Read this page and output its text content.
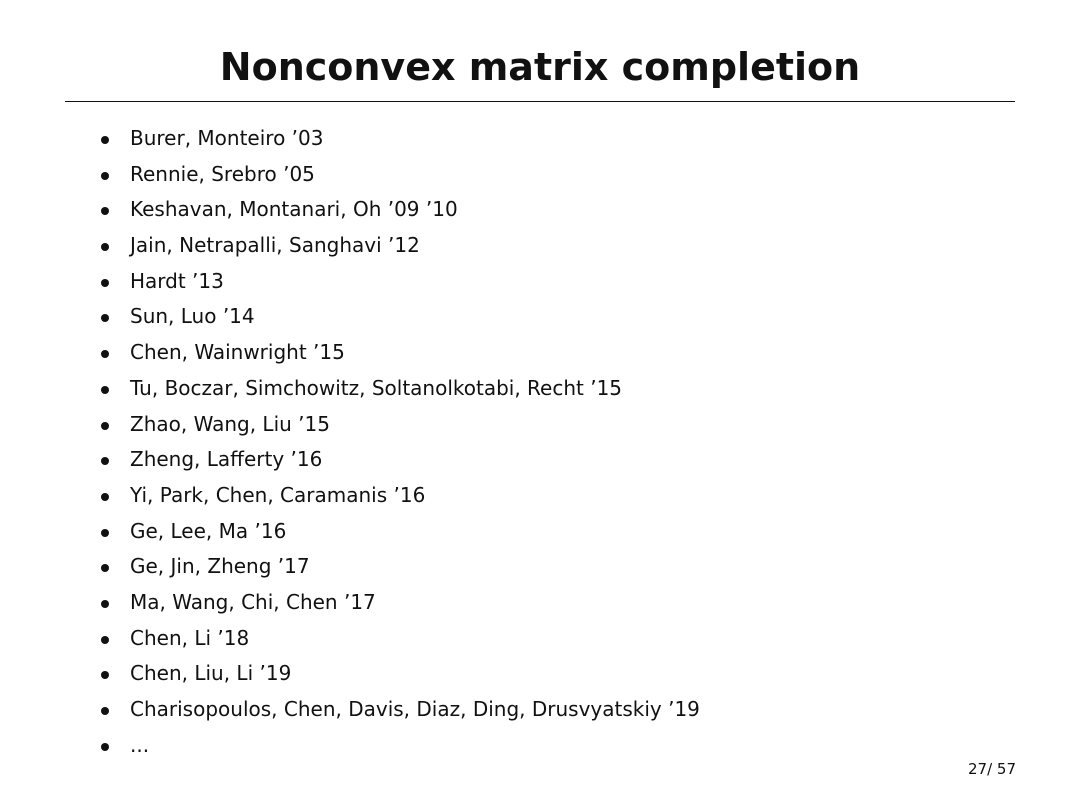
Nonconvex matrix completion
Burer, Monteiro ’03
Rennie, Srebro ’05
Keshavan, Montanari, Oh ’09 ’10
Jain, Netrapalli, Sanghavi ’12
Hardt ’13
Sun, Luo ’14
Chen, Wainwright ’15
Tu, Boczar, Simchowitz, Soltanolkotabi, Recht ’15
Zhao, Wang, Liu ’15
Zheng, Lafferty ’16
Yi, Park, Chen, Caramanis ’16
Ge, Lee, Ma ’16
Ge, Jin, Zheng ’17
Ma, Wang, Chi, Chen ’17
Chen, Li ’18
Chen, Liu, Li ’19
Charisopoulos, Chen, Davis, Diaz, Ding, Drusvyatskiy ’19
...
27/ 57
